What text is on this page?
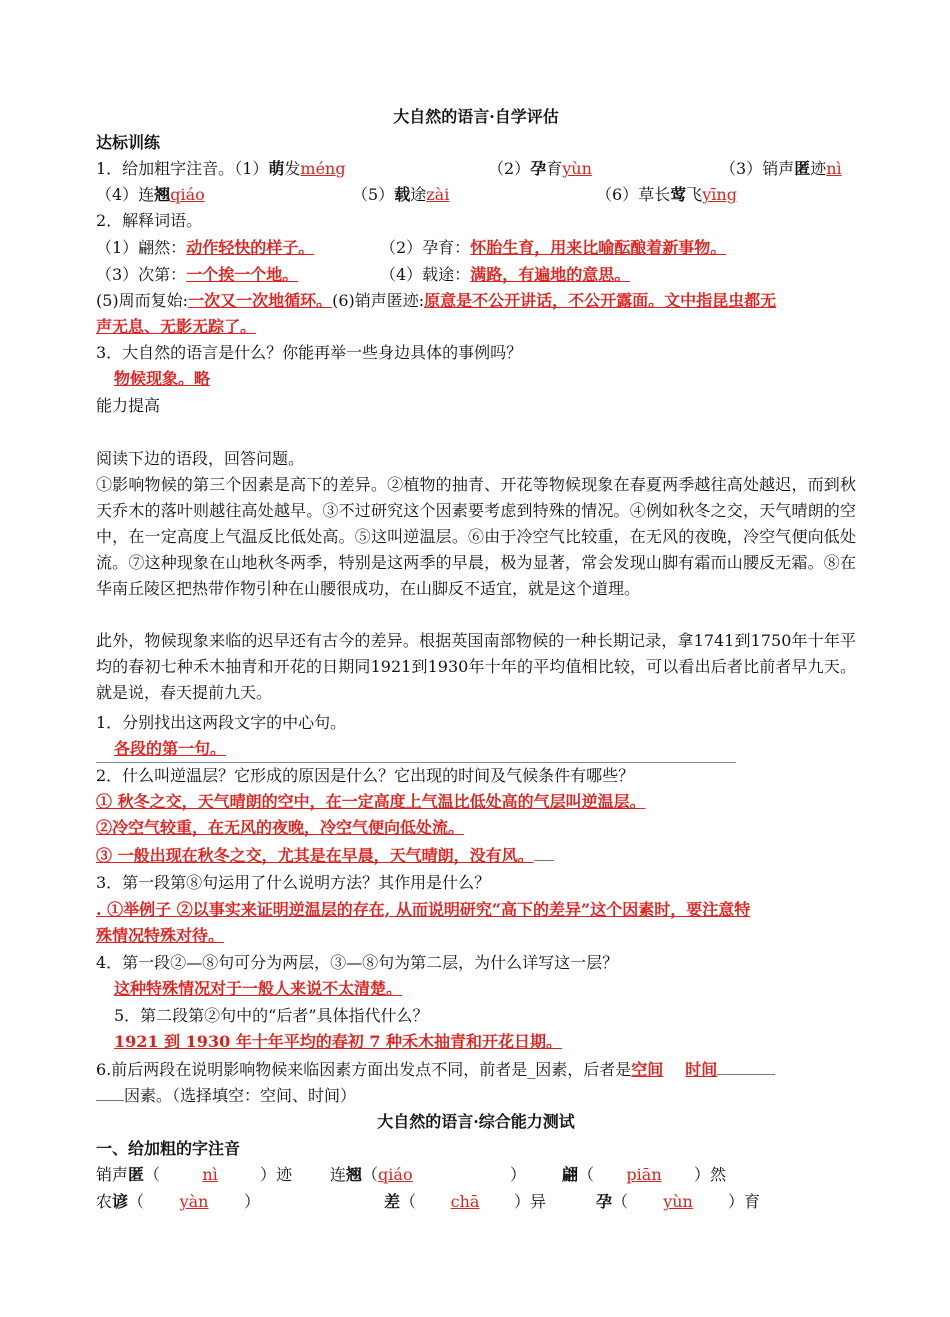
大自然的语言·自学评估
达标训练
1．给加粗字注音。（1）萌发méng	（2）孕育yùn	（3）销声匿迹nì
（4）连翘qiáo	（5）载途zài	（6）草长莺飞yīng
2．解释词语。
（1）翩然：动作轻快的样子。	（2）孕育：怀胎生育，用来比喻酝酿着新事物。
（3）次第：一个挨一个地。	（4）载途：满路，有遍地的意思。
(5)周而复始:一次又一次地循环。(6)销声匿迹:原意是不公开讲话，不公开露面。文中指昆虫都无
声无息、无影无踪了。
3．大自然的语言是什么？你能再举一些身边具体的事例吗？
物候现象。略
能力提高
阅读下边的语段，回答问题。
①影响物候的第三个因素是高下的差异。②植物的抽青、开花等物候现象在春夏两季越往高处越迟，而到秋天乔木的落叶则越往高处越早。③不过研究这个因素要考虑到特殊的情况。④例如秋冬之交，天气晴朗的空中，在一定高度上气温反比低处高。⑤这叫逆温层。⑥由于冷空气比较重，在无风的夜晚，冷空气便向低处流。⑦这种现象在山地秋冬两季，特别是这两季的早晨，极为显著，常会发现山脚有霜而山腰反无霜。⑧在华南丘陵区把热带作物引种在山腰很成功，在山脚反不适宜，就是这个道理。
此外，物候现象来临的迟早还有古今的差异。根据英国南部物候的一种长期记录，拿1741到1750年十年平均的春初七种禾木抽青和开花的日期同1921到1930年十年的平均值相比较，可以看出后者比前者早九天。就是说，春天提前九天。
1．分别找出这两段文字的中心句。
各段的第一句。
2．什么叫逆温层？它形成的原因是什么？它出现的时间及气候条件有哪些？
① 秋冬之交，天气晴朗的空中，在一定高度上气温比低处高的气层叫逆温层。
②冷空气较重，在无风的夜晚，冷空气便向低处流。
③ 一般出现在秋冬之交，尤其是在早晨，天气晴朗，没有风。
3．第一段第⑧句运用了什么说明方法？其作用是什么？
. ①举例子 ②以事实来证明逆温层的存在, 从而说明研究“高下的差异”这个因素时，要注意特
殊情况特殊对待。
4．第一段②—⑧句可分为两层，③—⑧句为第二层，为什么详写这一层？
这种特殊情况对于一般人来说不太清楚。
5．第二段第②句中的“后者”具体指代什么？
1921 到 1930 年十年平均的春初 7 种禾木抽青和开花日期。
6.前后两段在说明影响物候来临因素方面出发点不同，前者是_因素，后者是空间 时间
因素。（选择填空：空间、时间）
大自然的语言·综合能力测试
一、给加粗的字注音
销声匿（	nì	）迹 连翘（qiáo	） 翩（ piān ）然
农谚（ yàn ）	差（ chā ）异	孕（ yùn ）育
